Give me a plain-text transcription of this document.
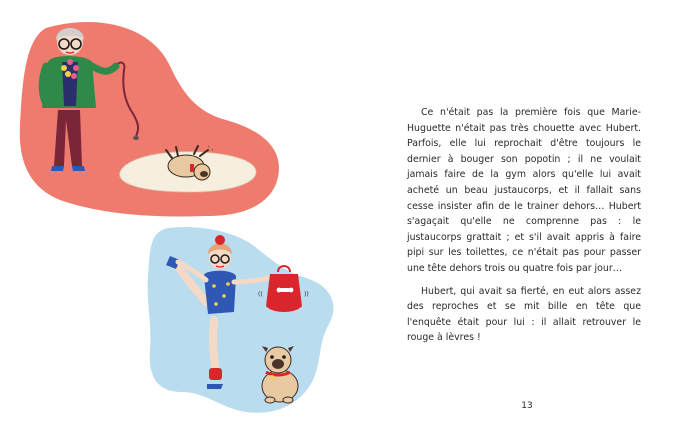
' ,
((	))

Ce n'était pas la première fois que Marie-Huguette n'était pas très chouette avec Hubert. Parfois, elle lui reprochait d'être toujours le dernier à bouger son popotin ; il ne voulait jamais faire de la gym alors qu'elle lui avait acheté un beau justaucorps, et il fallait sans cesse insister afin de le trainer dehors… Hubert s'agaçait qu'elle ne comprenne pas : le justaucorps grattait ; et s'il avait appris à faire pipi sur les toilettes, ce n'était pas pour passer une tête dehors trois ou quatre fois par jour…

Hubert, qui avait sa fierté, en eut alors assez des reproches et se mit bille en tête que l'enquête était pour lui : il allait retrouver le rouge à lèvres !

13
